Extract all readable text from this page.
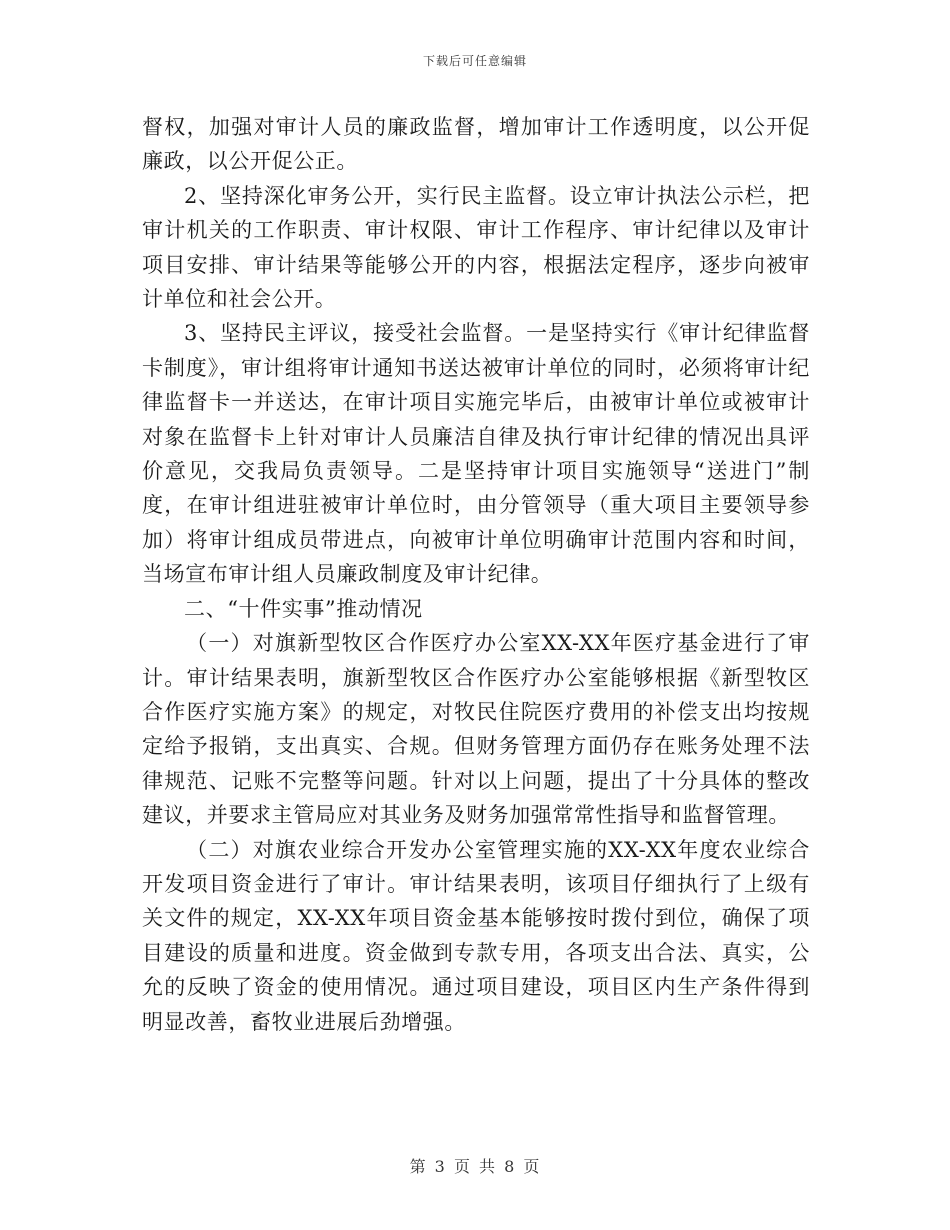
下载后可任意编辑

督权，加强对审计人员的廉政监督，增加审计工作透明度，以公开促廉政，以公开促公正。

2、坚持深化审务公开，实行民主监督。设立审计执法公示栏，把审计机关的工作职责、审计权限、审计工作程序、审计纪律以及审计项目安排、审计结果等能够公开的内容，根据法定程序，逐步向被审计单位和社会公开。

3、坚持民主评议，接受社会监督。一是坚持实行《审计纪律监督卡制度》，审计组将审计通知书送达被审计单位的同时，必须将审计纪律监督卡一并送达，在审计项目实施完毕后，由被审计单位或被审计对象在监督卡上针对审计人员廉洁自律及执行审计纪律的情况出具评价意见，交我局负责领导。二是坚持审计项目实施领导“送进门”制度，在审计组进驻被审计单位时，由分管领导（重大项目主要领导参加）将审计组成员带进点，向被审计单位明确审计范围内容和时间，当场宣布审计组人员廉政制度及审计纪律。

二、“十件实事”推动情况

（一）对旗新型牧区合作医疗办公室XX-XX年医疗基金进行了审计。审计结果表明，旗新型牧区合作医疗办公室能够根据《新型牧区合作医疗实施方案》的规定，对牧民住院医疗费用的补偿支出均按规定给予报销，支出真实、合规。但财务管理方面仍存在账务处理不法律规范、记账不完整等问题。针对以上问题，提出了十分具体的整改建议，并要求主管局应对其业务及财务加强常常性指导和监督管理。

（二）对旗农业综合开发办公室管理实施的XX-XX年度农业综合开发项目资金进行了审计。审计结果表明，该项目仔细执行了上级有关文件的规定，XX-XX年项目资金基本能够按时拨付到位，确保了项目建设的质量和进度。资金做到专款专用，各项支出合法、真实，公允的反映了资金的使用情况。通过项目建设，项目区内生产条件得到明显改善，畜牧业进展后劲增强。

第 3 页 共 8 页
